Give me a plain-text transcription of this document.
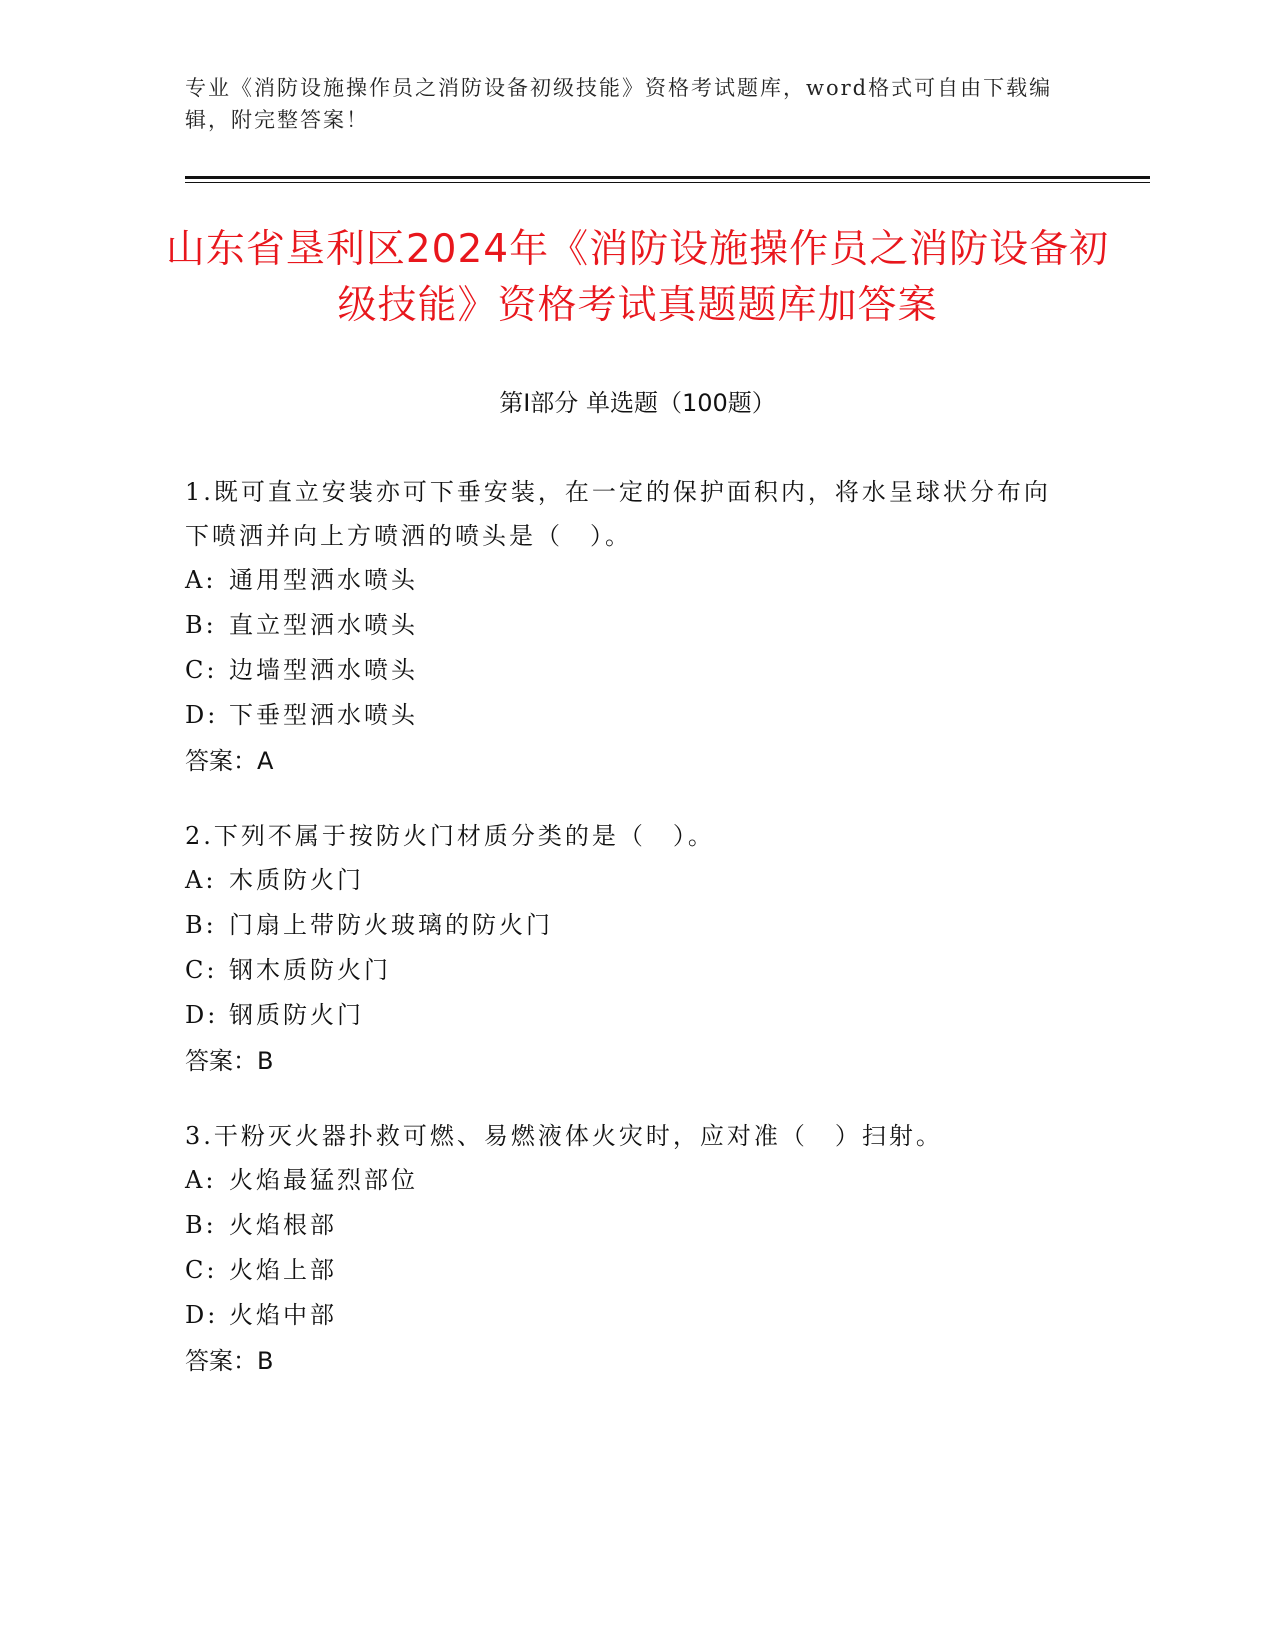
专业《消防设施操作员之消防设备初级技能》资格考试题库，word格式可自由下载编辑，附完整答案！
山东省垦利区2024年《消防设施操作员之消防设备初级技能》资格考试真题题库加答案
第Ⅰ部分 单选题（100题）
1.既可直立安装亦可下垂安装，在一定的保护面积内，将水呈球状分布向下喷洒并向上方喷洒的喷头是（　）。
A: 通用型洒水喷头
B: 直立型洒水喷头
C: 边墙型洒水喷头
D: 下垂型洒水喷头
答案：A
2.下列不属于按防火门材质分类的是（　）。
A: 木质防火门
B: 门扇上带防火玻璃的防火门
C: 钢木质防火门
D: 钢质防火门
答案：B
3.干粉灭火器扑救可燃、易燃液体火灾时，应对准（　）扫射。
A: 火焰最猛烈部位
B: 火焰根部
C: 火焰上部
D: 火焰中部
答案：B
